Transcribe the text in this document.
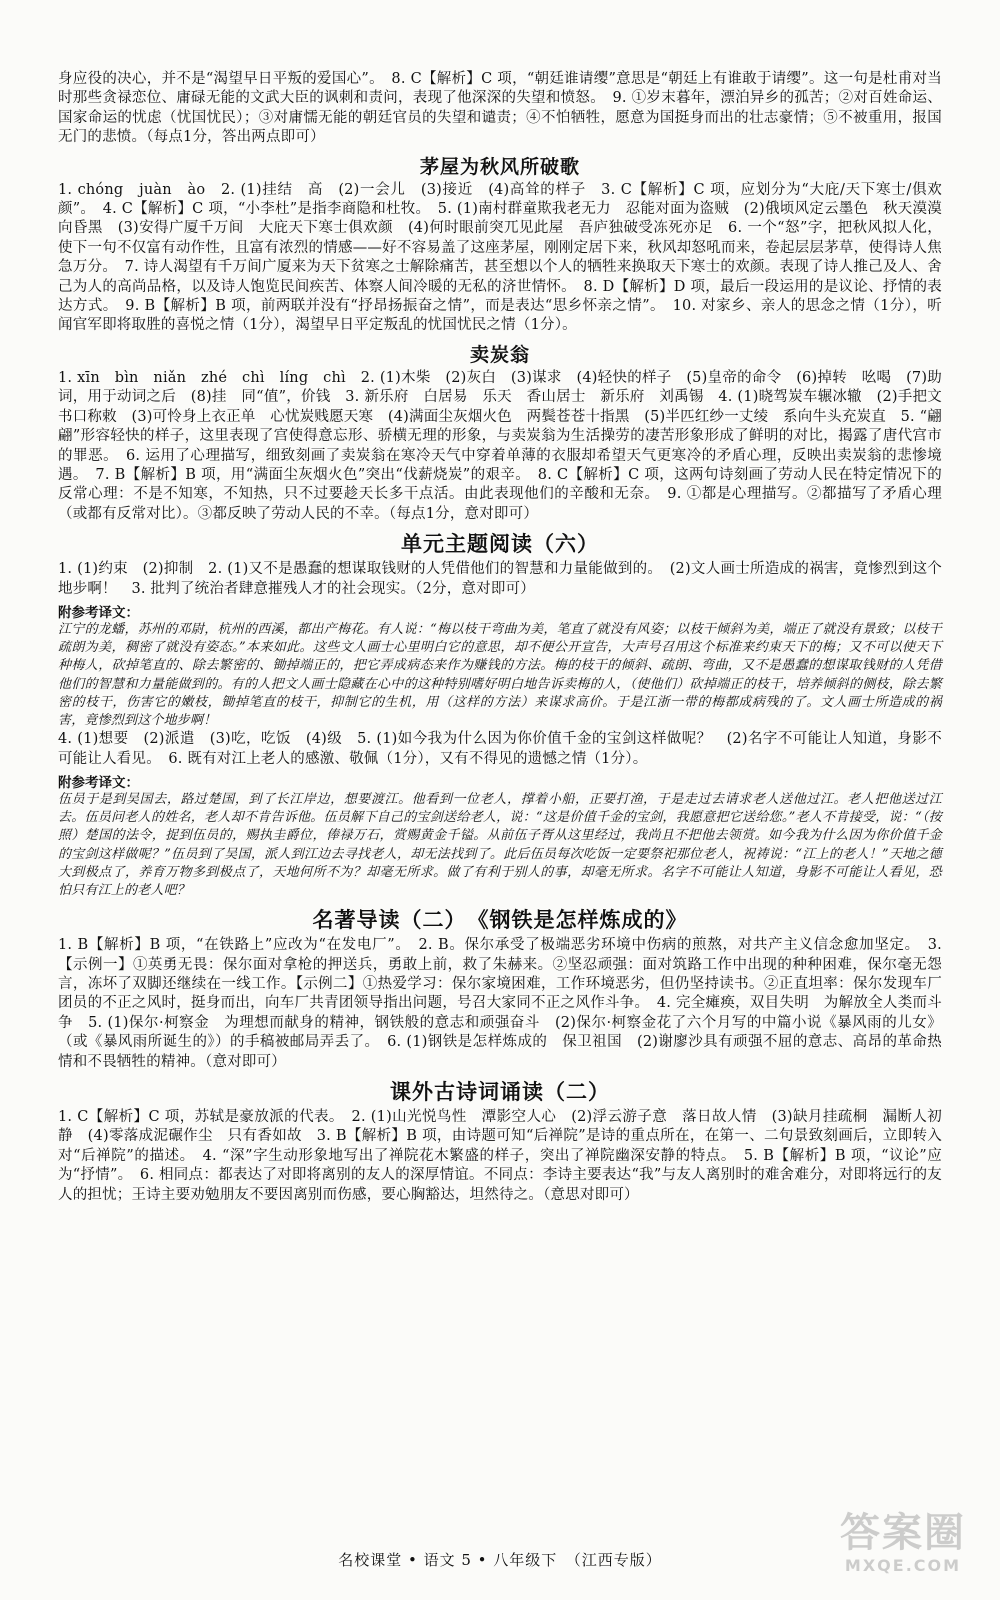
身应役的决心，并不是“渴望早日平叛的爱国心”。　8. C【解析】C 项，“朝廷谁请缨”意思是“朝廷上有谁敢于请缨”。这一句是杜甫对当时那些贪禄恋位、庸碌无能的文武大臣的讽刺和责问，表现了他深深的失望和愤怒。　9. ①岁末暮年，漂泊异乡的孤苦；②对百姓命运、国家命运的忧虑（忧国忧民）；③对庸懦无能的朝廷官员的失望和谴责；④不怕牺牲，愿意为国挺身而出的壮志豪情；⑤不被重用，报国无门的悲愤。（每点1分，答出两点即可）
茅屋为秋风所破歌
1. chóng　juàn　ào　2. (1)挂结　高　(2)一会儿　(3)接近　(4)高耸的样子　3. C【解析】C 项，应划分为“大庇/天下寒士/俱欢颜”。　4. C【解析】C 项，“小李杜”是指李商隐和杜牧。　5. (1)南村群童欺我老无力　忍能对面为盗贼　(2)俄顷风定云墨色　秋天漠漠向昏黑　(3)安得广厦千万间　大庇天下寒士俱欢颜　(4)何时眼前突兀见此屋　吾庐独破受冻死亦足　6. 一个“怒”字，把秋风拟人化，使下一句不仅富有动作性，且富有浓烈的情感——好不容易盖了这座茅屋，刚刚定居下来，秋风却怒吼而来，卷起层层茅草，使得诗人焦急万分。　7. 诗人渴望有千万间广厦来为天下贫寒之士解除痛苦，甚至想以个人的牺牲来换取天下寒士的欢颜。表现了诗人推己及人、舍己为人的高尚品格，以及诗人饱览民间疾苦、体察人间冷暖的无私的济世情怀。　8. D【解析】D 项，最后一段运用的是议论、抒情的表达方式。　9. B【解析】B 项，前两联并没有“抒昂扬振奋之情”，而是表达“思乡怀亲之情”。　10. 对家乡、亲人的思念之情（1分），听闻官军即将取胜的喜悦之情（1分），渴望早日平定叛乱的忧国忧民之情（1分）。
卖炭翁
1. xīn　bìn　niǎn　zhé　chì　líng　chì　2. (1)木柴　(2)灰白　(3)谋求　(4)轻快的样子　(5)皇帝的命令　(6)掉转　吆喝　(7)助词，用于动词之后　(8)挂　同“值”，价钱　3. 新乐府　白居易　乐天　香山居士　新乐府　刘禹锡　4. (1)晓驾炭车辗冰辙　(2)手把文书口称敕　(3)可怜身上衣正单　心忧炭贱愿天寒　(4)满面尘灰烟火色　两鬓苍苍十指黑　(5)半匹红纱一丈绫　系向牛头充炭直　5. “翩翩”形容轻快的样子，这里表现了宫使得意忘形、骄横无理的形象，与卖炭翁为生活操劳的凄苦形象形成了鲜明的对比，揭露了唐代宫市的罪恶。　6. 运用了心理描写，细致刻画了卖炭翁在寒冷天气中穿着单薄的衣服却希望天气更寒冷的矛盾心理，反映出卖炭翁的悲惨境遇。　7. B【解析】B 项，用“满面尘灰烟火色”突出“伐薪烧炭”的艰辛。　8. C【解析】C 项，这两句诗刻画了劳动人民在特定情况下的反常心理：不是不知寒，不知热，只不过要趁天长多干点活。由此表现他们的辛酸和无奈。　9. ①都是心理描写。②都描写了矛盾心理（或都有反常对比）。③都反映了劳动人民的不幸。（每点1分，意对即可）
单元主题阅读（六）
1. (1)约束　(2)抑制　2. (1)又不是愚蠢的想谋取钱财的人凭借他们的智慧和力量能做到的。　(2)文人画士所造成的祸害，竟惨烈到这个地步啊！　3. 批判了统治者肆意摧残人才的社会现实。（2分，意对即可）
附参考译文：
江宁的龙蟠，苏州的邓尉，杭州的西溪，都出产梅花。有人说：“梅以枝干弯曲为美，笔直了就没有风姿；以枝干倾斜为美，端正了就没有景致；以枝干疏朗为美，稠密了就没有姿态。”本来如此。这些文人画士心里明白它的意思，却不便公开宣告，大声号召用这个标准来约束天下的梅；又不可以使天下种梅人，砍掉笔直的、除去繁密的、锄掉端正的，把它弄成病态来作为赚钱的方法。梅的枝干的倾斜、疏朗、弯曲，又不是愚蠢的想谋取钱财的人凭借他们的智慧和力量能做到的。有的人把文人画士隐藏在心中的这种特别嗜好明白地告诉卖梅的人，（使他们）砍掉端正的枝干，培养倾斜的侧枝，除去繁密的枝干，伤害它的嫩枝，锄掉笔直的枝干，抑制它的生机，用（这样的方法）来谋求高价。于是江浙一带的梅都成病残的了。文人画士所造成的祸害，竟惨烈到这个地步啊！
4. (1)想要　(2)派遣　(3)吃，吃饭　(4)级　5. (1)如今我为什么因为你价值千金的宝剑这样做呢？　(2)名字不可能让人知道，身影不可能让人看见。　6. 既有对江上老人的感激、敬佩（1分），又有不得见的遗憾之情（1分）。
附参考译文：
伍员于是到吴国去，路过楚国，到了长江岸边，想要渡江。他看到一位老人，撑着小船，正要打渔，于是走过去请求老人送他过江。老人把他送过江去。伍员问老人的姓名，老人却不肯告诉他。伍员解下自己的宝剑送给老人，说：“这是价值千金的宝剑，我愿意把它送给您。”老人不肯接受，说：“（按照）楚国的法令，捉到伍员的，赐执圭爵位，俸禄万石，赏赐黄金千镒。从前伍子胥从这里经过，我尚且不把他去领赏。如今我为什么因为你价值千金的宝剑这样做呢？”伍员到了吴国，派人到江边去寻找老人，却无法找到了。此后伍员每次吃饭一定要祭祀那位老人，祝祷说：“江上的老人！”天地之德大到极点了，养育万物多到极点了，天地何所不为？却毫无所求。做了有利于别人的事，却毫无所求。名字不可能让人知道，身影不可能让人看见，恐怕只有江上的老人吧？
名著导读（二）　《钢铁是怎样炼成的》
1. B【解析】B 项，“在铁路上”应改为“在发电厂”。　2. B。保尔承受了极端恶劣环境中伤病的煎熬，对共产主义信念愈加坚定。　3.【示例一】①英勇无畏：保尔面对拿枪的押送兵，勇敢上前，救了朱赫来。②坚忍顽强：面对筑路工作中出现的种种困难，保尔毫无怨言，冻坏了双脚还继续在一线工作。【示例二】①热爱学习：保尔家境困难，工作环境恶劣，但仍坚持读书。②正直坦率：保尔发现车厂团员的不正之风时，挺身而出，向车厂共青团领导指出问题，号召大家同不正之风作斗争。　4. 完全瘫痪，双目失明　为解放全人类而斗争　5. (1)保尔·柯察金　为理想而献身的精神，钢铁般的意志和顽强奋斗　(2)保尔·柯察金花了六个月写的中篇小说《暴风雨的儿女》（或《暴风雨所诞生的》）的手稿被邮局弄丢了。　6. (1)钢铁是怎样炼成的　保卫祖国　(2)谢廖沙具有顽强不屈的意志、高昂的革命热情和不畏牺牲的精神。（意对即可）
课外古诗词诵读（二）
1. C【解析】C 项，苏轼是豪放派的代表。　2. (1)山光悦鸟性　潭影空人心　(2)浮云游子意　落日故人情　(3)缺月挂疏桐　漏断人初静　(4)零落成泥碾作尘　只有香如故　3. B【解析】B 项，由诗题可知“后禅院”是诗的重点所在，在第一、二句景致刻画后，立即转入对“后禅院”的描述。　4. “深”字生动形象地写出了禅院花木繁盛的样子，突出了禅院幽深安静的特点。　5. B【解析】B 项，“议论”应为“抒情”。　6. 相同点：都表达了对即将离别的友人的深厚情谊。不同点：李诗主要表达“我”与友人离别时的难舍难分，对即将远行的友人的担忧；王诗主要劝勉朋友不要因离别而伤感，要心胸豁达，坦然待之。（意思对即可）
名校课堂 • 语文 5 • 八年级下　（江西专版）
答案圈
MXQE.COM
